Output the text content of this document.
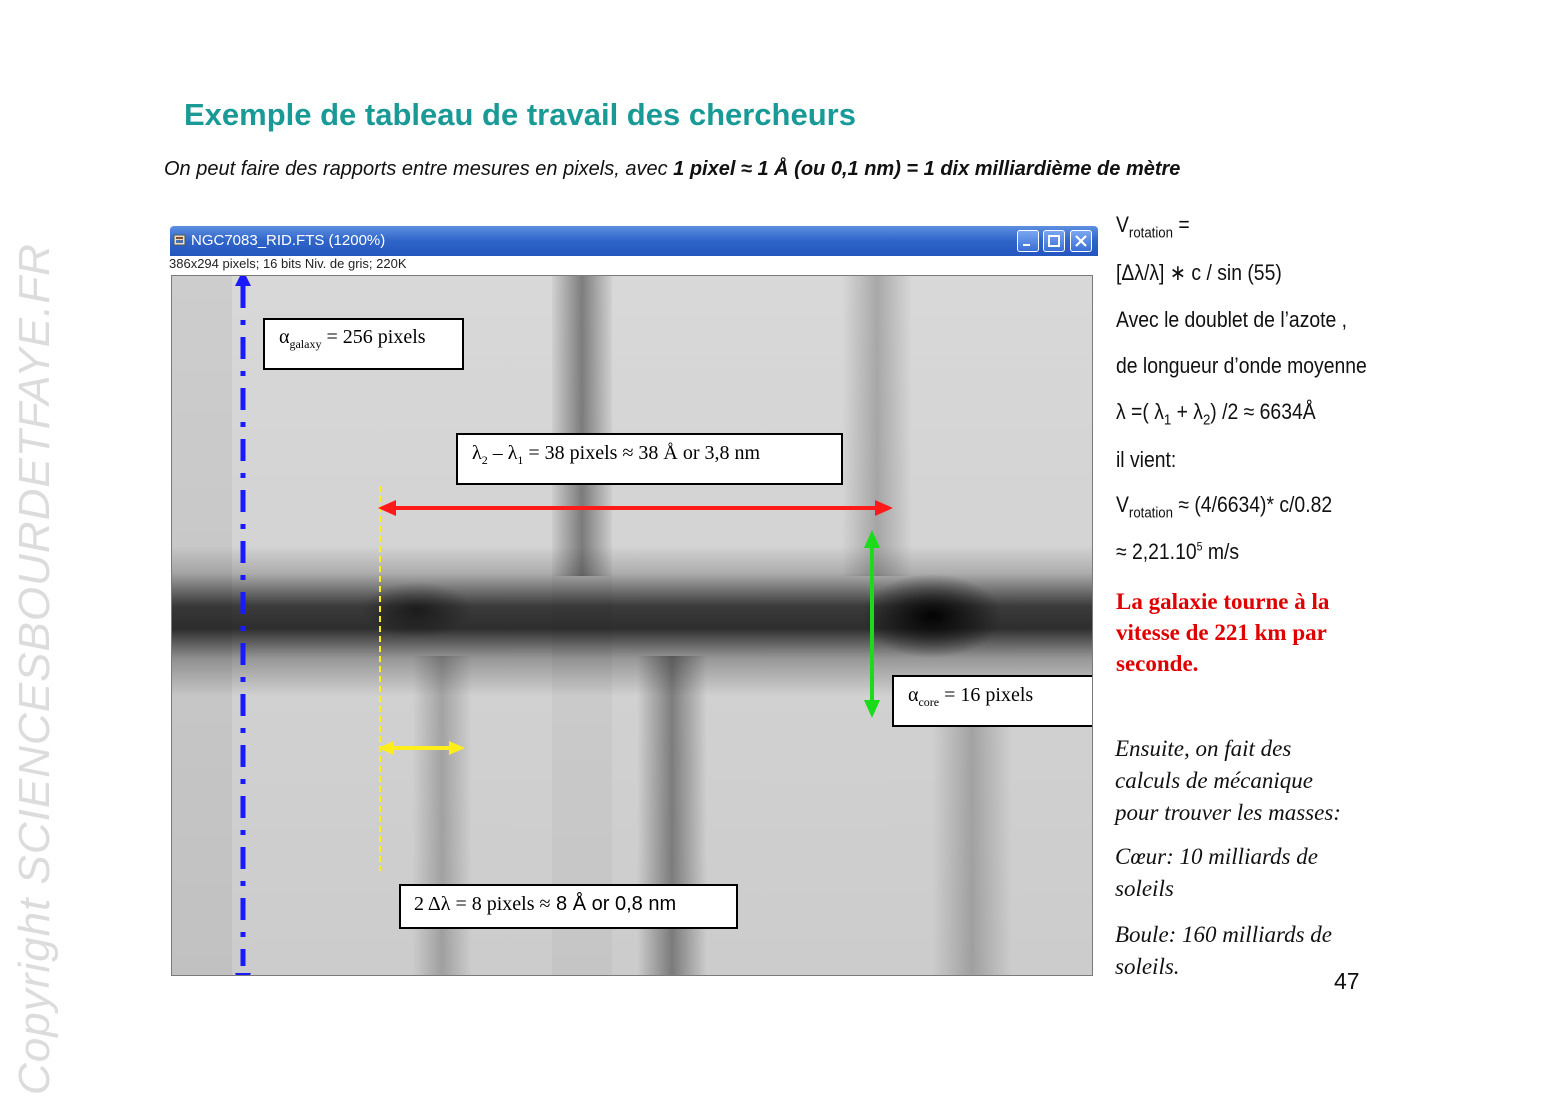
Copyright SCIENCESBOURDETFAYE.FR
Exemple de tableau de travail des chercheurs
On peut faire des rapports entre mesures en pixels, avec 1 pixel ≈ 1 Å (ou 0,1 nm) = 1 dix milliardième de mètre
NGC7083_RID.FTS (1200%)
386x294 pixels; 16 bits Niv. de gris; 220K
$\alpha_{galaxy} = 256$ pixels
$\lambda_2 - \lambda_1 = 38$ pixels ≈ 38 Å or 3,8 nm
$\alpha_{core} = 16$ pixels
2 Δλ = 8 pixels ≈ 8 Å or 0,8 nm
$V_{rotation}$ =
[Δλ/λ] ∗ c / sin (55)
Avec le doublet de l’azote ,
de longueur d’onde moyenne
λ =( $\lambda_1 + \lambda_2$) /2 ≈ 6634Å
il vient:
$V_{rotation} \approx (4/6634)*$ c/0.82
≈ $2,21.10^5$ m/s
La galaxie tourne à la
vitesse de 221 km par
seconde.
Ensuite, on fait des
calculs de mécanique
pour trouver les masses:
Cœur: 10 milliards de
soleils
Boule: 160 milliards de
soleils.
47
